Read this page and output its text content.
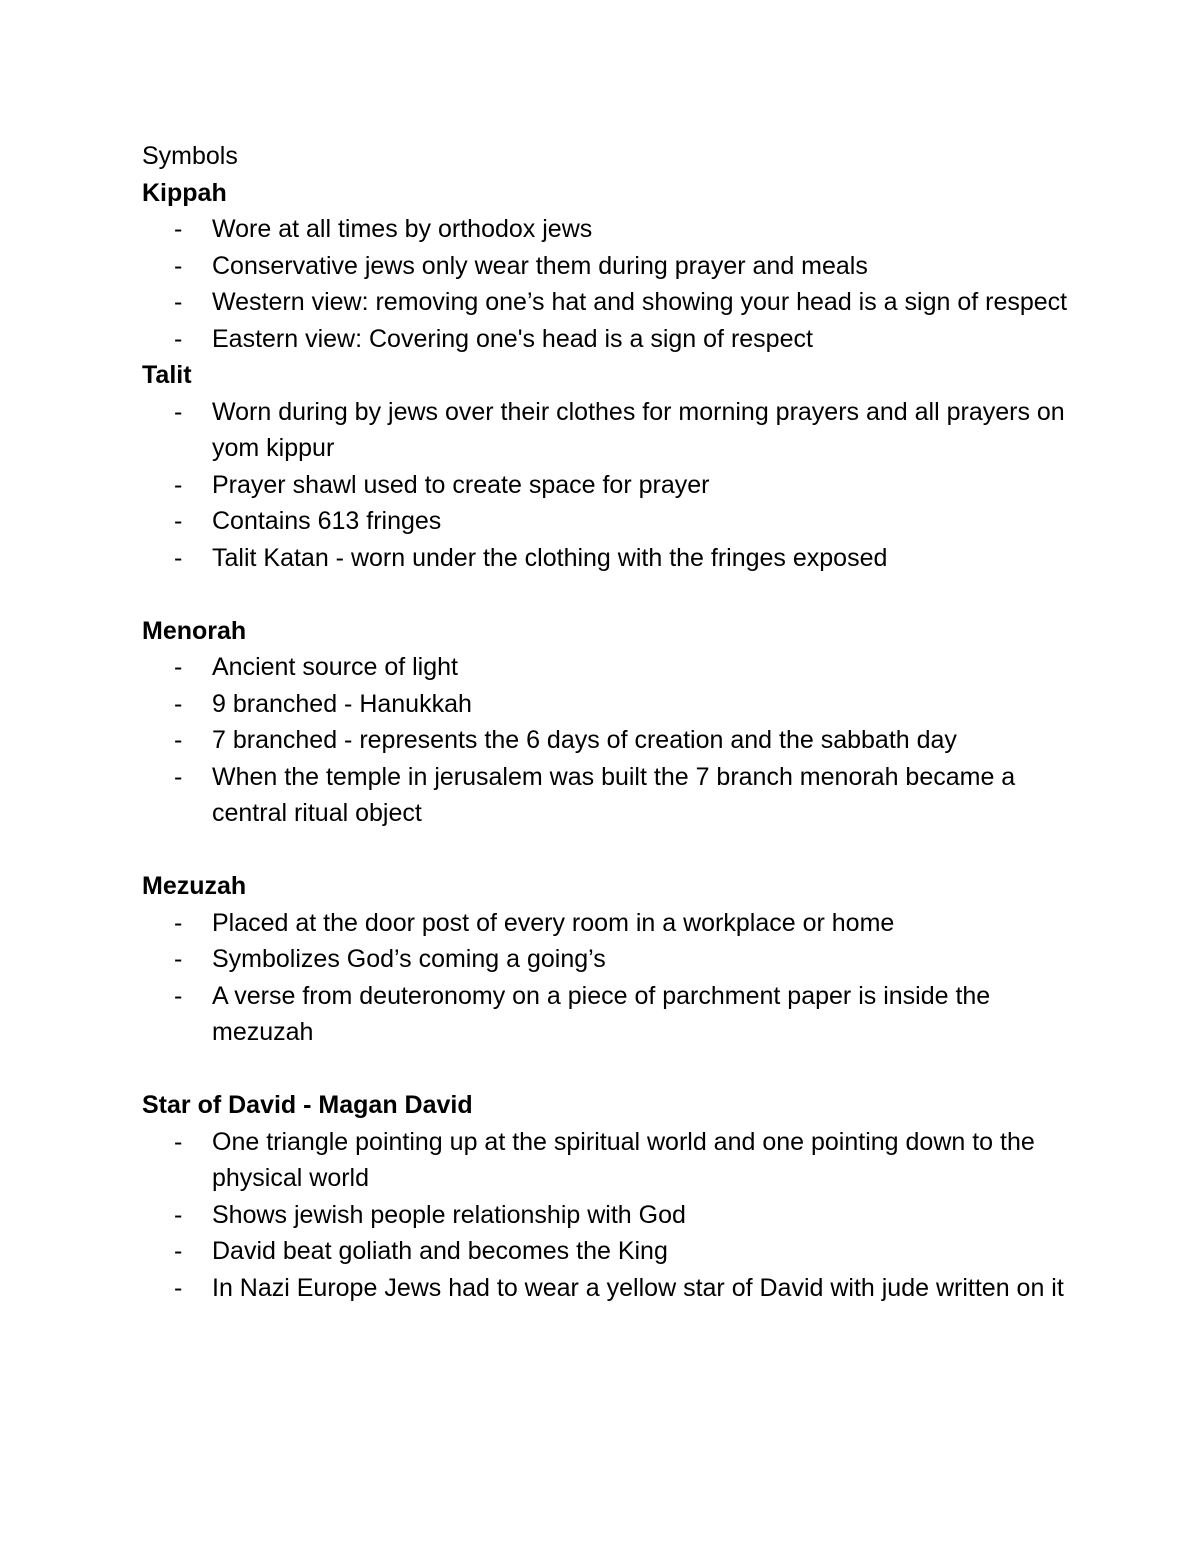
Symbols
Kippah
- Wore at all times by orthodox jews
- Conservative jews only wear them during prayer and meals
- Western view: removing one’s hat and showing your head is a sign of respect
- Eastern view: Covering one's head is a sign of respect
Talit
- Worn during by jews over their clothes for morning prayers and all prayers on yom kippur
- Prayer shawl used to create space for prayer
- Contains 613 fringes
- Talit Katan - worn under the clothing with the fringes exposed
Menorah
- Ancient source of light
- 9 branched - Hanukkah
- 7 branched - represents the 6 days of creation and the sabbath day
- When the temple in jerusalem was built the 7 branch menorah became a central ritual object
Mezuzah
- Placed at the door post of every room in a workplace or home
- Symbolizes God’s coming a going’s
- A verse from deuteronomy on a piece of parchment paper is inside the mezuzah
Star of David - Magan David
- One triangle pointing up at the spiritual world and one pointing down to the physical world
- Shows jewish people relationship with God
- David beat goliath and becomes the King
- In Nazi Europe Jews had to wear a yellow star of David with jude written on it
